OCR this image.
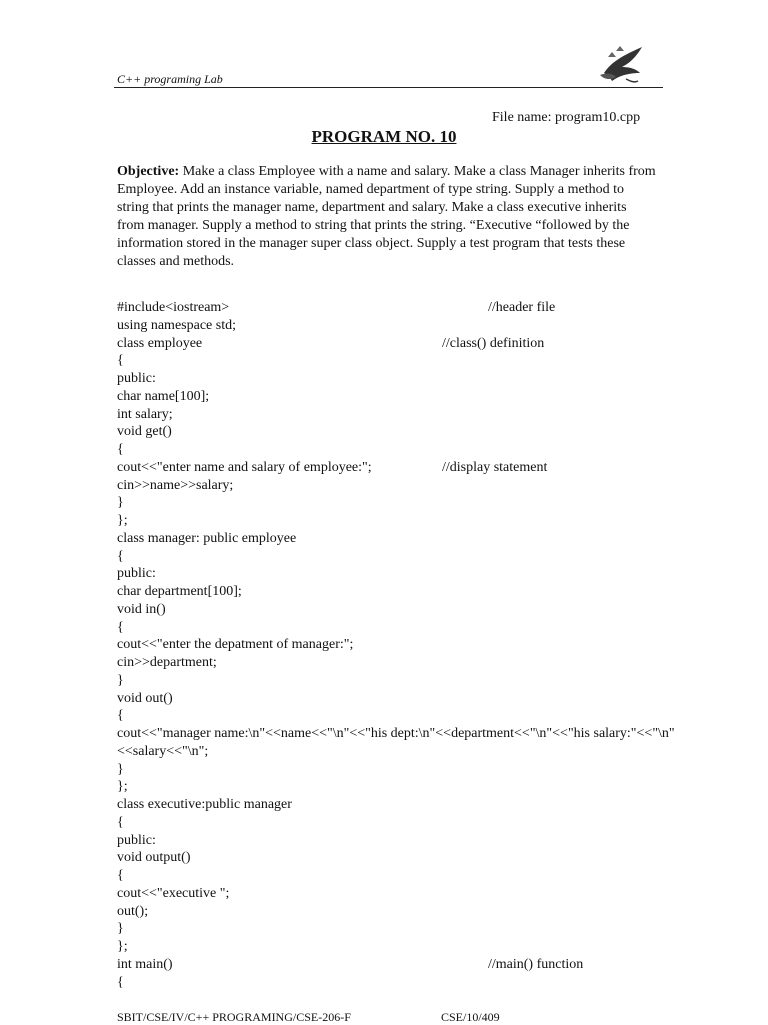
C++ programing Lab
File name: program10.cpp
PROGRAM NO. 10
Objective: Make a class Employee with a name and salary. Make a class Manager inherits from Employee. Add an instance variable, named department of type string. Supply a method to string that prints the manager name, department and salary. Make a class executive inherits from manager. Supply a method to string that prints the string. “Executive “followed by the information stored in the manager super class object. Supply a test program that tests these classes and methods.
#include<iostream>	//header file
using namespace std;
class employee	//class() definition
{
public:
char name[100];
int salary;
void get()
{
cout<<"enter name and salary of employee:";	//display statement
cin>>name>>salary;
}
};
class manager: public employee
{
public:
char department[100];
void in()
{
cout<<"enter the depatment of manager:";
cin>>department;
}
void out()
{
cout<<"manager name:\n"<<name<<"\n"<<"his dept:\n"<<department<<"\n"<<"his salary:"<<"\n"<<salary<<"\n";
}
};
class executive:public manager
{
public:
void output()
{
cout<<"executive ";
out();
}
};
int main()	//main() function
{
SBIT/CSE/IV/C++ PROGRAMING/CSE-206-F	CSE/10/409
